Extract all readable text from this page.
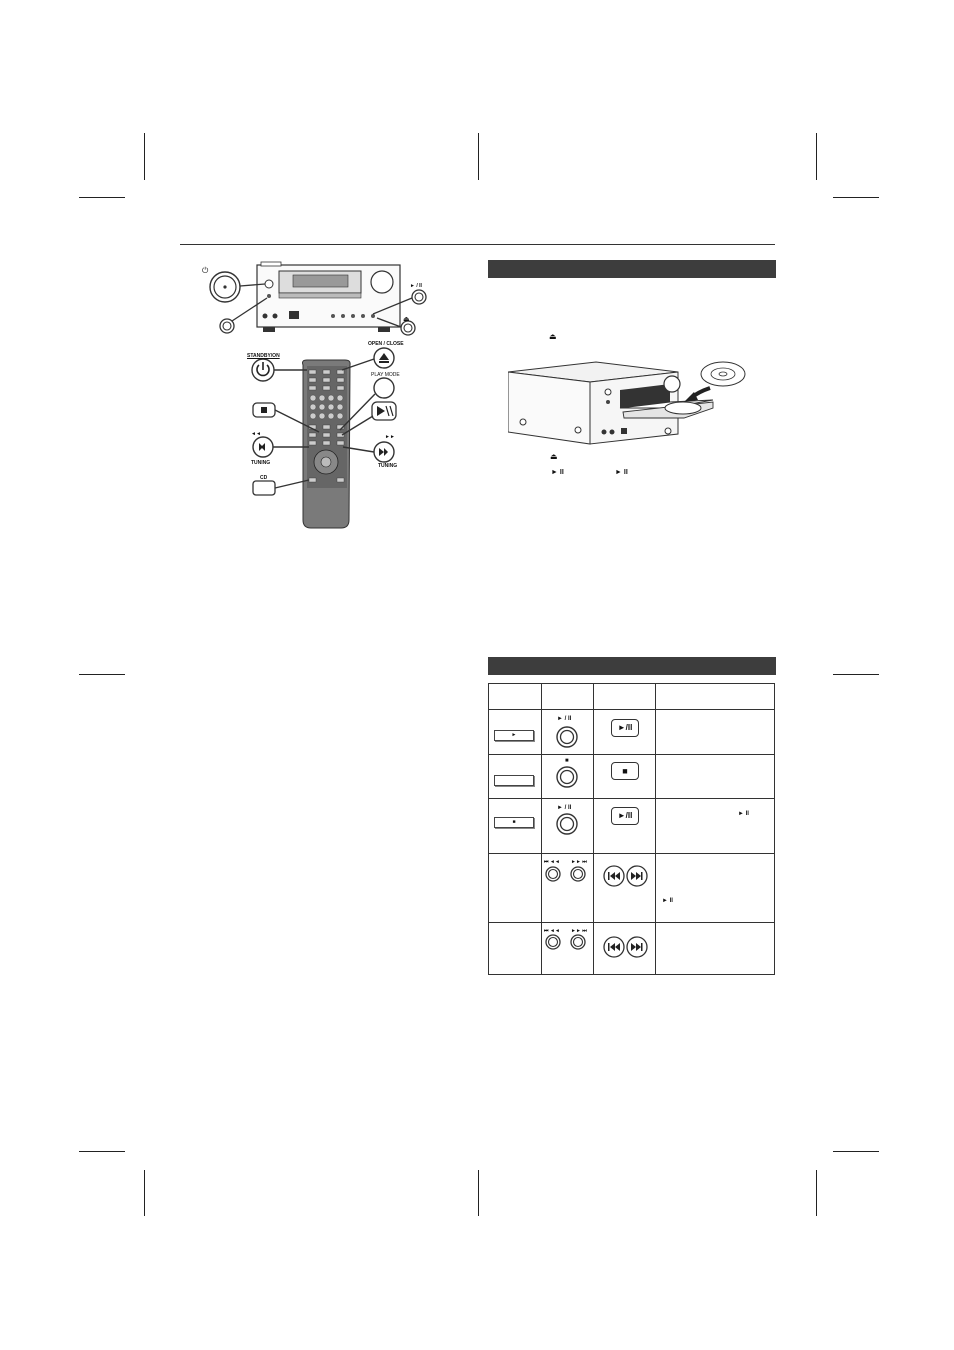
⏻
► / II
⏏
STANDBY/ON
OPEN / CLOSE
PLAY MODE
◄◄	►►
TUNING	TUNING
CD
⏏
⏏
► II	► II

►	► / II	►/II	

	■	■	

■	► / II	►/II	► II

	⏮ ◄◄ ►► ⏭		► II

	⏮ ◄◄ ►► ⏭
